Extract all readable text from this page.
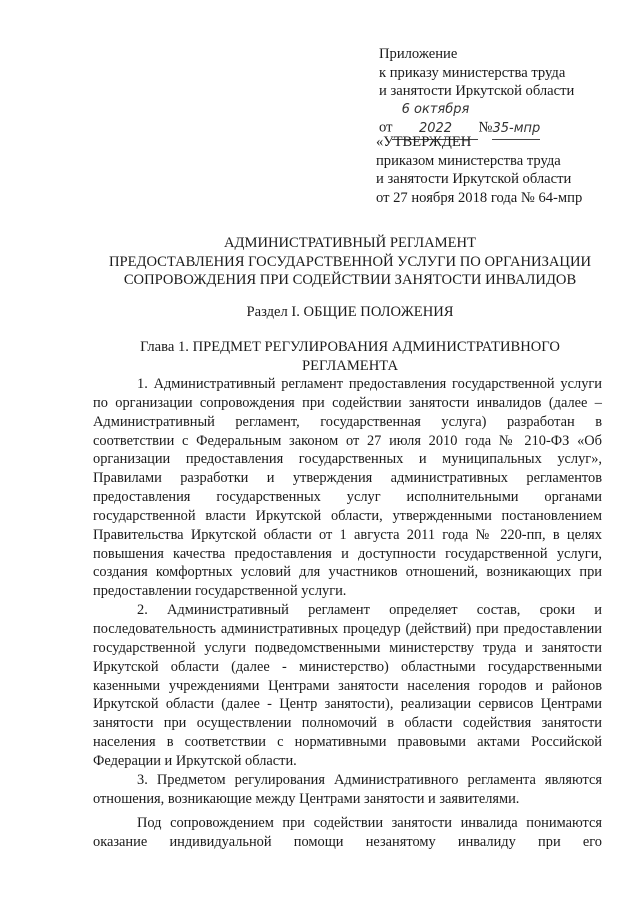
Приложение
к приказу министерства труда
и занятости Иркутской области
от6 октября 2022 №35-мпр
«УТВЕРЖДЕН
приказом министерства труда
и занятости Иркутской области
от 27 ноября 2018 года № 64-мпр
АДМИНИСТРАТИВНЫЙ РЕГЛАМЕНТ
ПРЕДОСТАВЛЕНИЯ ГОСУДАРСТВЕННОЙ УСЛУГИ ПО ОРГАНИЗАЦИИ
СОПРОВОЖДЕНИЯ ПРИ СОДЕЙСТВИИ ЗАНЯТОСТИ ИНВАЛИДОВ
Раздел I. ОБЩИЕ ПОЛОЖЕНИЯ
Глава 1. ПРЕДМЕТ РЕГУЛИРОВАНИЯ АДМИНИСТРАТИВНОГО
РЕГЛАМЕНТА

1. Административный регламент предоставления государственной услуги по организации сопровождения при содействии занятости инвалидов (далее – Административный регламент, государственная услуга) разработан в соответствии с Федеральным законом от 27 июля 2010 года № 210-ФЗ «Об организации предоставления государственных и муниципальных услуг», Правилами разработки и утверждения административных регламентов предоставления государственных услуг исполнительными органами государственной власти Иркутской области, утвержденными постановлением Правительства Иркутской области от 1 августа 2011 года № 220-пп, в целях повышения качества предоставления и доступности государственной услуги, создания комфортных условий для участников отношений, возникающих при предоставлении государственной услуги.

2. Административный регламент определяет состав, сроки и последовательность административных процедур (действий) при предоставлении государственной услуги подведомственными министерству труда и занятости Иркутской области (далее - министерство) областными государственными казенными учреждениями Центрами занятости населения городов и районов Иркутской области (далее - Центр занятости), реализации сервисов Центрами занятости при осуществлении полномочий в области содействия занятости населения в соответствии с нормативными правовыми актами Российской Федерации и Иркутской области.

3. Предметом регулирования Административного регламента являются отношения, возникающие между Центрами занятости и заявителями.

Под сопровождением при содействии занятости инвалида понимаются оказание индивидуальной помощи незанятому инвалиду при его
